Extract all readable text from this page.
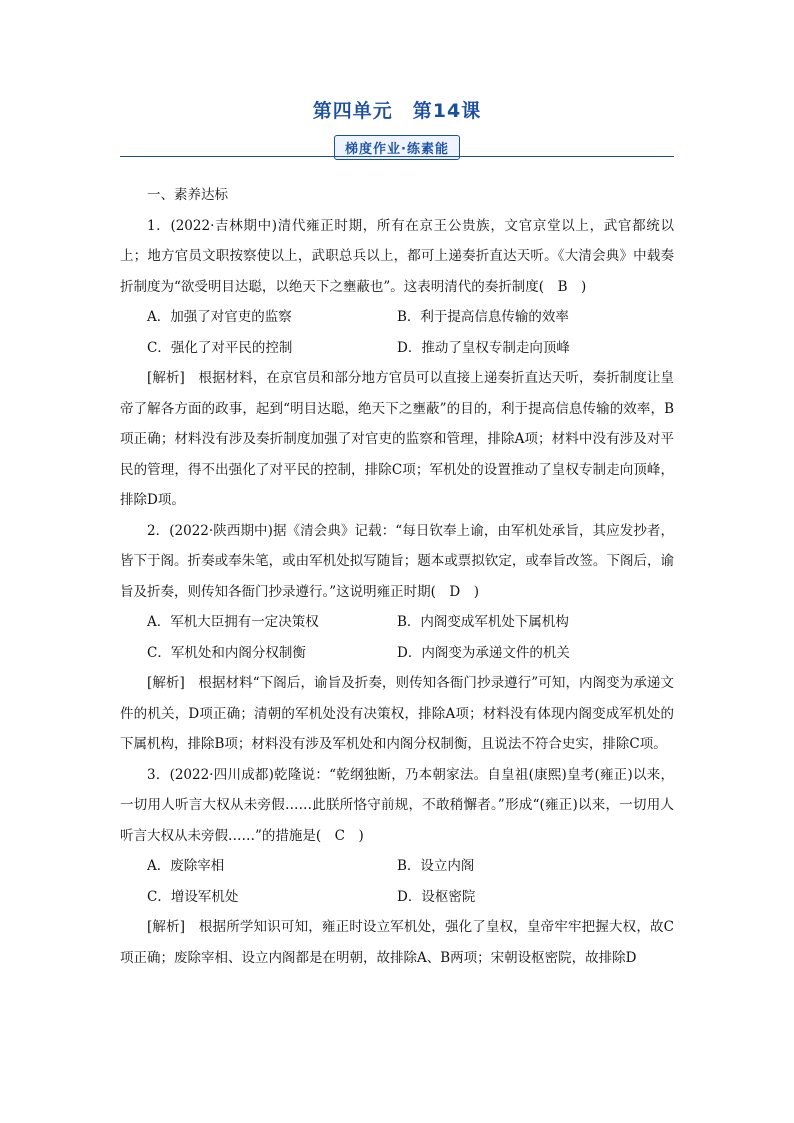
第四单元　第14课
梯度作业·练素能

一、素养达标

1．(2022·吉林期中)清代雍正时期，所有在京王公贵族，文官京堂以上，武官都统以上；地方官员文职按察使以上，武职总兵以上，都可上递奏折直达天听。《大清会典》中载奏折制度为“欲受明目达聪，以绝天下之壅蔽也”。这表明清代的奏折制度(　B　)

A．加强了对官吏的监察	B．利于提高信息传输的效率
C．强化了对平民的控制	D．推动了皇权专制走向顶峰

[解析]　根据材料，在京官员和部分地方官员可以直接上递奏折直达天听，奏折制度让皇帝了解各方面的政事，起到“明目达聪，绝天下之壅蔽”的目的，利于提高信息传输的效率，B项正确；材料没有涉及奏折制度加强了对官吏的监察和管理，排除A项；材料中没有涉及对平民的管理，得不出强化了对平民的控制，排除C项；军机处的设置推动了皇权专制走向顶峰，排除D项。

2．(2022·陕西期中)据《清会典》记载：“每日钦奉上谕，由军机处承旨，其应发抄者，皆下于阁。折奏或奉朱笔，或由军机处拟写随旨；题本或票拟钦定，或奉旨改签。下阁后，谕旨及折奏，则传知各衙门抄录遵行。”这说明雍正时期(　D　)

A．军机大臣拥有一定决策权	B．内阁变成军机处下属机构
C．军机处和内阁分权制衡	D．内阁变为承递文件的机关

[解析]　根据材料“下阁后，谕旨及折奏，则传知各衙门抄录遵行”可知，内阁变为承递文件的机关，D项正确；清朝的军机处没有决策权，排除A项；材料没有体现内阁变成军机处的下属机构，排除B项；材料没有涉及军机处和内阁分权制衡，且说法不符合史实，排除C项。

3．(2022·四川成都)乾隆说：“乾纲独断，乃本朝家法。自皇祖(康熙)皇考(雍正)以来，一切用人听言大权从未旁假……此朕所恪守前规，不敢稍懈者。”形成“(雍正)以来，一切用人听言大权从未旁假……”的措施是(　C　)

A．废除宰相	B．设立内阁
C．增设军机处	D．设枢密院

[解析]　根据所学知识可知，雍正时设立军机处，强化了皇权，皇帝牢牢把握大权，故C项正确；废除宰相、设立内阁都是在明朝，故排除A、B两项；宋朝设枢密院，故排除D
